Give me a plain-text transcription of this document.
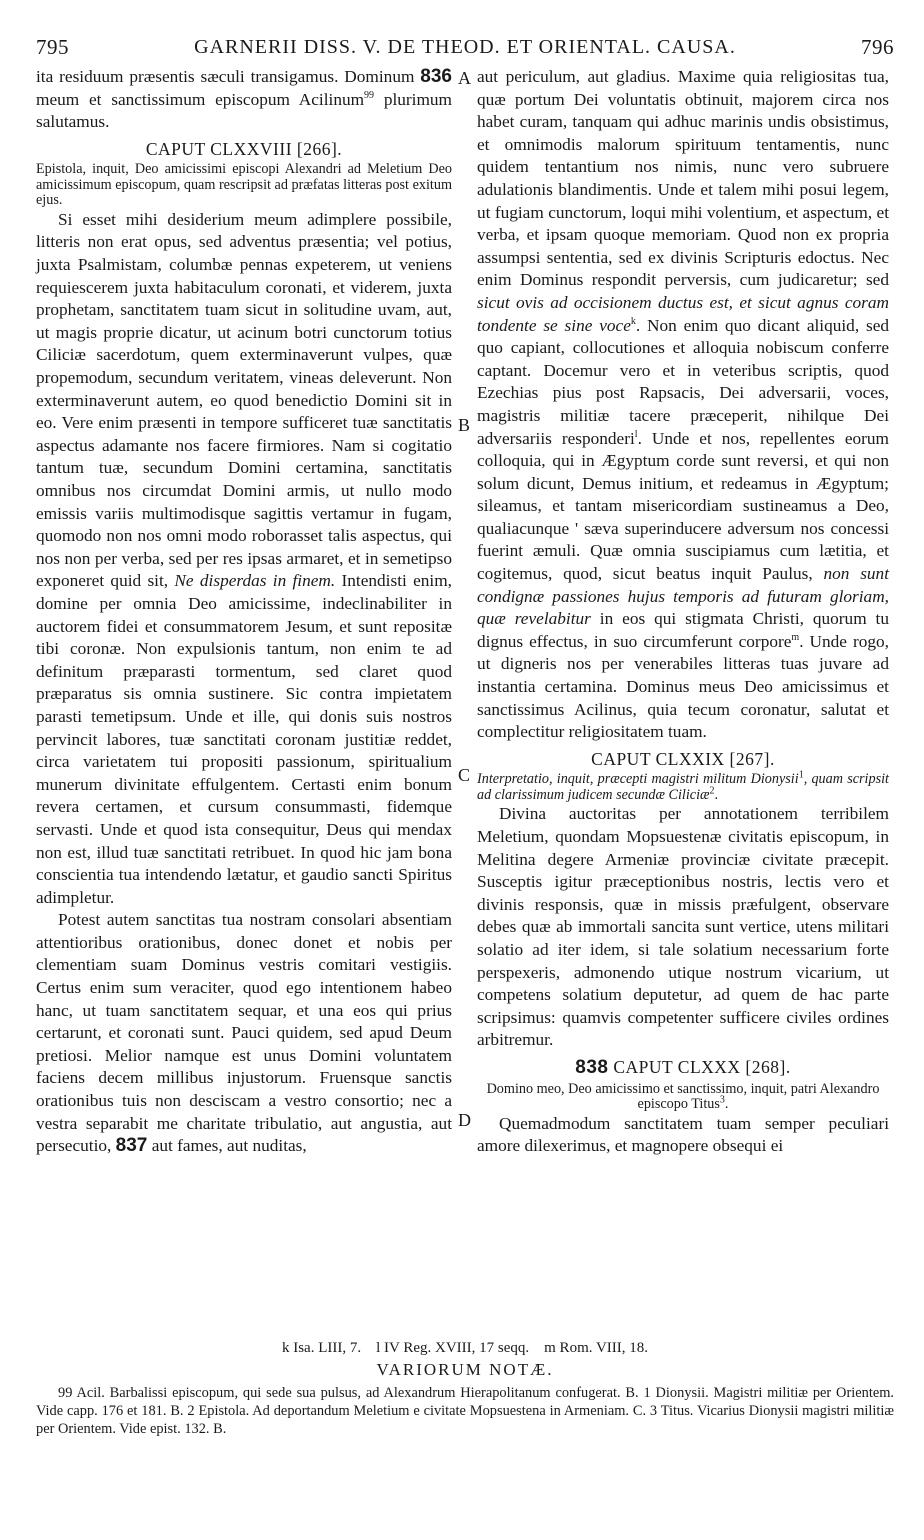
795	GARNERII DISS. V. DE THEOD. ET ORIENTAL. CAUSA.	796

ita residuum præsentis sæculi transigamus. Dominum 836 meum et sanctissimum episcopum Acilinum$^{99}$ plurimum salutamus.

CAPUT CLXXVIII [266].

Epistola, inquit, Deo amicissimi episcopi Alexandri ad Meletium Deo amicissimum episcopum, quam rescripsit ad præfatas litteras post exitum ejus.

Si esset mihi desiderium meum adimplere possibile, litteris non erat opus, sed adventus præsentia; vel potius, juxta Psalmistam, columbæ pennas expeterem, ut veniens requiescerem juxta habitaculum coronati, et viderem, juxta prophetam, sanctitatem tuam sicut in solitudine uvam, aut, ut magis proprie dicatur, ut acinum botri cunctorum totius Ciliciæ sacerdotum, quem exterminaverunt vulpes, quæ propemodum, secundum veritatem, vineas deleverunt. Non exterminaverunt autem, eo quod benedictio Domini sit in eo. Vere enim præsenti in tempore sufficeret tuæ sanctitatis aspectus adamante nos facere firmiores. Nam si cogitatio tantum tuæ, secundum Domini certamina, sanctitatis omnibus nos circumdat Domini armis, ut nullo modo emissis variis multimodisque sagittis vertamur in fugam, quomodo non nos omni modo roborasset talis aspectus, qui nos non per verba, sed per res ipsas armaret, et in semetipso exponeret quid sit, Ne disperdas in finem. Intendisti enim, domine per omnia Deo amicissime, indeclinabiliter in auctorem fidei et consummatorem Jesum, et sunt repositæ tibi coronæ. Non expulsionis tantum, non enim te ad definitum præparasti tormentum, sed claret quod præparatus sis omnia sustinere. Sic contra impietatem parasti temetipsum. Unde et ille, qui donis suis nostros pervincit labores, tuæ sanctitati coronam justitiæ reddet, circa varietatem tui propositi passionum, spiritualium munerum divinitate effulgentem. Certasti enim bonum revera certamen, et cursum consummasti, fidemque servasti. Unde et quod ista consequitur, Deus qui mendax non est, illud tuæ sanctitati retribuet. In quod hic jam bona conscientia tua intendendo lætatur, et gaudio sancti Spiritus adimpletur.

Potest autem sanctitas tua nostram consolari absentiam attentioribus orationibus, donec donet et nobis per clementiam suam Dominus vestris comitari vestigiis. Certus enim sum veraciter, quod ego intentionem habeo hanc, ut tuam sanctitatem sequar, et una eos qui prius certarunt, et coronati sunt. Pauci quidem, sed apud Deum pretiosi. Melior namque est unus Domini voluntatem faciens decem millibus injustorum. Fruensque sanctis orationibus tuis non desciscam a vestro consortio; nec a vestra separabit me charitate tribulatio, aut angustia, aut persecutio, 837 aut fames, aut nuditas,

A
B
C
D

aut periculum, aut gladius. Maxime quia religiositas tua, quæ portum Dei voluntatis obtinuit, majorem circa nos habet curam, tanquam qui adhuc marinis undis obsistimus, et omnimodis malorum spirituum tentamentis, nunc quidem tentantium nos nimis, nunc vero subruere adulationis blandimentis. Unde et talem mihi posui legem, ut fugiam cunctorum, loqui mihi volentium, et aspectum, et verba, et ipsam quoque memoriam. Quod non ex propria assumpsi sententia, sed ex divinis Scripturis edoctus. Nec enim Dominus respondit perversis, cum judicaretur; sed sicut ovis ad occisionem ductus est, et sicut agnus coram tondente se sine voce$^k$. Non enim quo dicant aliquid, sed quo capiant, collocutiones et alloquia nobiscum conferre captant. Docemur vero et in veteribus scriptis, quod Ezechias pius post Rapsacis, Dei adversarii, voces, magistris militiæ tacere præceperit, nihilque Dei adversariis responderi$^l$. Unde et nos, repellentes eorum colloquia, qui in Ægyptum corde sunt reversi, et qui non solum dicunt, Demus initium, et redeamus in Ægyptum; sileamus, et tantam misericordiam sustineamus a Deo, qualiacunque ' sæva superinducere adversum nos concessi fuerint æmuli. Quæ omnia suscipiamus cum lætitia, et cogitemus, quod, sicut beatus inquit Paulus, non sunt condignæ passiones hujus temporis ad futuram gloriam, quæ revelabitur in eos qui stigmata Christi, quorum tu dignus effectus, in suo circumferunt corpore$^m$. Unde rogo, ut digneris nos per venerabiles litteras tuas juvare ad instantia certamina. Dominus meus Deo amicissimus et sanctissimus Acilinus, quia tecum coronatur, salutat et complectitur religiositatem tuam.

CAPUT CLXXIX [267].

Interpretatio, inquit, præcepti magistri militum Dionysii$^1$, quam scripsit ad clarissimum judicem secundæ Ciliciæ$^2$.

Divina auctoritas per annotationem terribilem Meletium, quondam Mopsuestenæ civitatis episcopum, in Melitina degere Armeniæ provinciæ civitate præcepit. Susceptis igitur præceptionibus nostris, lectis vero et divinis responsis, quæ in missis præfulgent, observare debes quæ ab immortali sancita sunt vertice, utens militari solatio ad iter idem, si tale solatium necessarium forte perspexeris, admonendo utique nostrum vicarium, ut competens solatium deputetur, ad quem de hac parte scripsimus: quamvis competenter sufficere civiles ordines arbitremur.

838 CAPUT CLXXX [268].

Domino meo, Deo amicissimo et sanctissimo, inquit, patri Alexandro episcopo Titus$^3$.

Quemadmodum sanctitatem tuam semper peculiari amore dilexerimus, et magnopere obsequi ei

k Isa. LIII, 7. l IV Reg. XVIII, 17 seqq. m Rom. VIII, 18.
VARIORUM NOTÆ.

99 Acil. Barbalissi episcopum, qui sede sua pulsus, ad Alexandrum Hierapolitanum confugerat. B. 1 Dionysii. Magistri militiæ per Orientem. Vide capp. 176 et 181. B. 2 Epistola. Ad deportandum Meletium e civitate Mopsuestena in Armeniam. C. 3 Titus. Vicarius Dionysii magistri militiæ per Orientem. Vide epist. 132. B.
